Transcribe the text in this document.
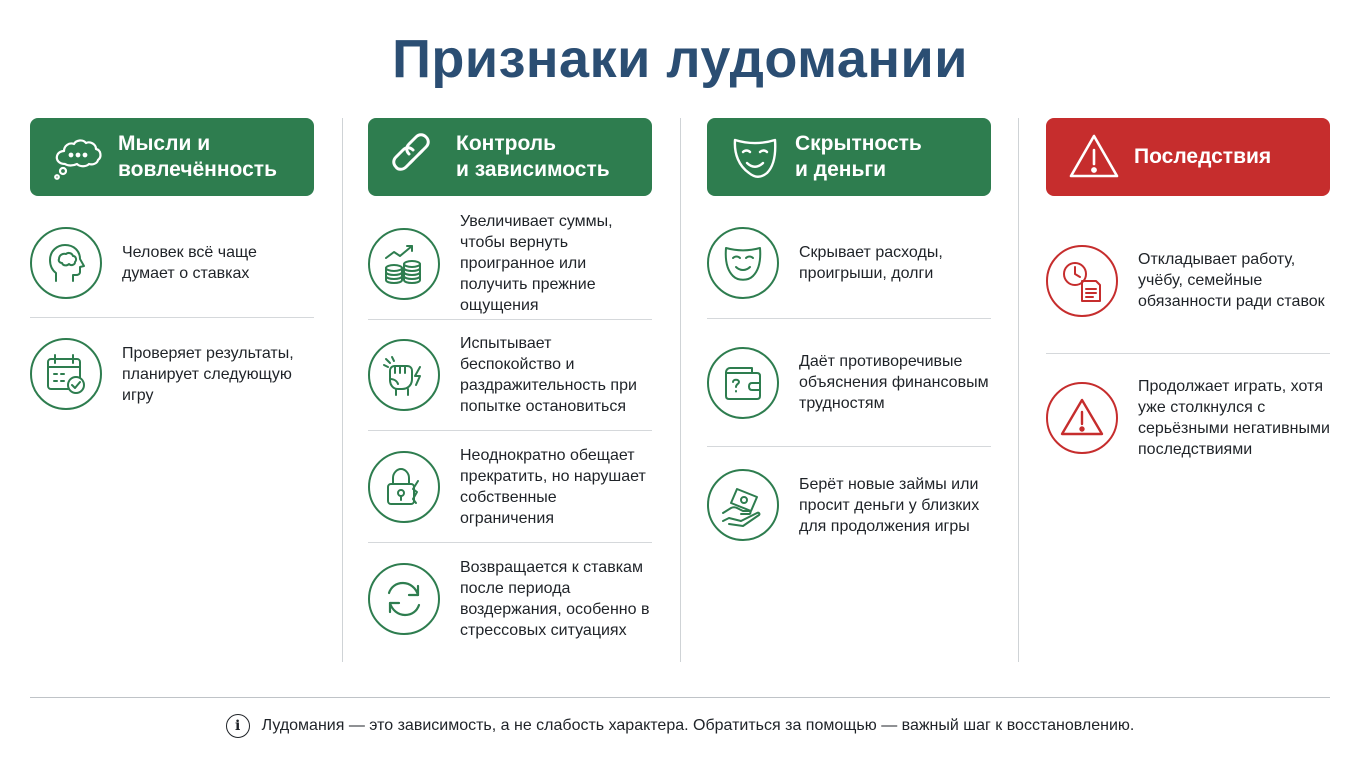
Признаки лудомании
Мысли и
вовлечённость
Человек всё чаще думает о ставках
Проверяет результаты, планирует следующую игру
Контроль
и зависимость
Увеличивает суммы, чтобы вернуть проигранное или получить прежние ощущения
Испытывает беспокойство и раздражительность при попытке остановиться
Неоднократно обещает прекратить, но нарушает собственные ограничения
Возвращается к ставкам после периода воздержания, особенно в стрессовых ситуациях
Скрытность
и деньги
Скрывает расходы, проигрыши, долги
Даёт противоречивые объяснения финансовым трудностям
Берёт новые займы или просит деньги у близких для продолжения игры
Последствия
Откладывает работу, учёбу, семейные обязанности ради ставок
Продолжает играть, хотя уже столкнулся с серьёзными негативными последствиями
i	Лудомания — это зависимость, а не слабость характера. Обратиться за помощью — важный шаг к восстановлению.
